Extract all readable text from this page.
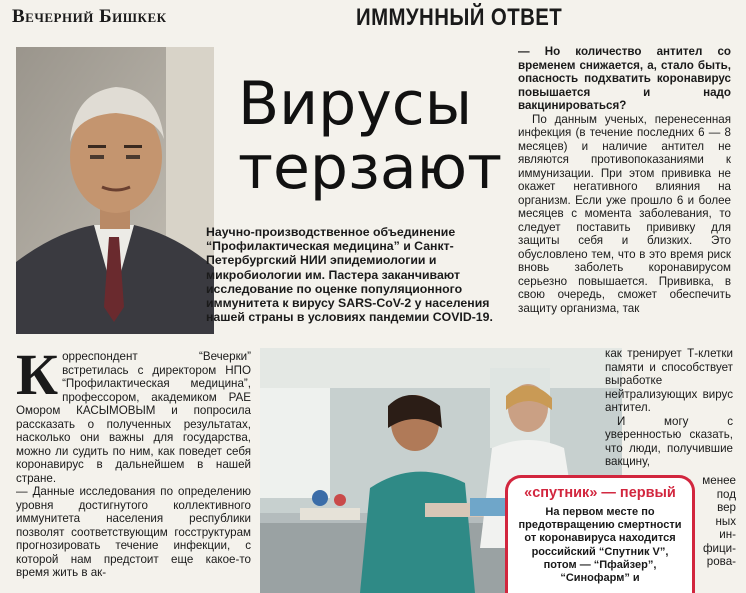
Вечерний Бишкек	ИММУННЫЙ ОТВЕТ
Вирусы
терзают
Научно-производственное объединение “Профилактическая медицина” и Санкт-Петербургский НИИ эпидемиологии и микробиологии им. Пастера заканчивают исследование по оценке популяционного иммунитета к вирусу SARS-CoV-2 у населения нашей страны в условиях пандемии COVID-19.

— Но количество антител со временем снижается, а, стало быть, опасность подхватить коронавирус повышается и надо вакцинироваться?

По данным ученых, перенесенная инфекция (в течение последних 6 — 8 месяцев) и наличие антител не являются противопоказаниями к иммунизации. При этом прививка не окажет негативного влияния на организм. Если уже прошло 6 и более месяцев с момента заболевания, то следует поставить прививку для защиты себя и близких. Это обусловлено тем, что в это время риск вновь заболеть коронавирусом серьезно повышается. Прививка, в свою очередь, сможет обеспечить защиту организма, так

К орреспондент “Вечерки” встретилась с директором НПО “Профилактическая медицина”, профессором, академиком РАЕ Омором КАСЫМОВЫМ и попросила рассказать о полученных результатах, насколько они важны для государства, можно ли судить по ним, как поведет себя коронавирус в дальнейшем в нашей стране.

— Данные исследования по определению уровня достигнутого коллективного иммунитета населения республики позволят соответствующим госструктурам прогнозировать течение инфекции, с которой нам предстоит еще какое-то время жить в ак-

как тренирует Т-клетки памяти и способствует выработке нейтрализующих вирус антител.

И могу с уверенностью сказать, что люди, получившие вакцину,

«спутник» — первый
На первом месте по предотвращению смертности от коронавируса находится российский “Спутник V”, потом — “Пфайзер”, “Синофарм” и
менее
под
вер
ных
ин-
фици-
рова-
